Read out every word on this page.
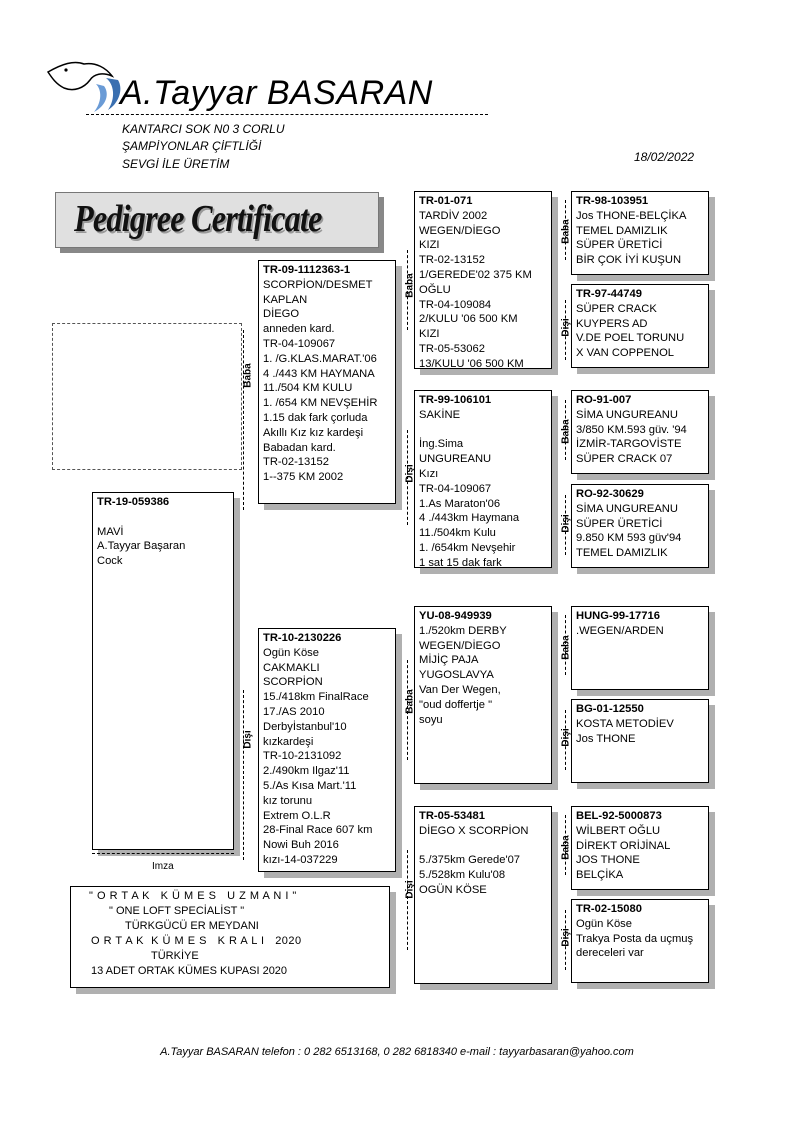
A.Tayyar BASARAN
KANTARCI SOK N0 3 CORLU
ŞAMPİYONLAR ÇİFTLİĞİ
SEVGİ İLE ÜRETİM	18/02/2022
Pedigree Certificate
TR-19-059386
MAVİ
A.Tayyar Başaran
Cock
TR-09-1112363-1
SCORPİON/DESMET
KAPLAN
DİEGO
anneden kard.
TR-04-109067
1. /G.KLAS.MARAT.'06
4 ./443 KM HAYMANA
11./504 KM KULU
1. /654 KM NEVŞEHİR
1.15 dak fark çorluda
Akıllı Kız kız kardeşi
Babadan kard.
TR-02-13152
1--375 KM 2002
TR-10-2130226
Ogün Köse
CAKMAKLI
SCORPİON
15./418km FinalRace
17./AS 2010
Derbyİstanbul'10
kızkardeşi
TR-10-2131092
2./490km Ilgaz'11
5./As Kısa Mart.'11
kız torunu
Extrem O.L.R
28-Final Race 607 km
Nowi Buh 2016
kızı-14-037229
TR-01-071
TARDİV 2002
WEGEN/DİEGO
KIZI
TR-02-13152
1/GEREDE'02 375 KM
OĞLU
TR-04-109084
2/KULU '06 500 KM
KIZI
TR-05-53062
13/KULU '06 500 KM
TR-99-106101
SAKİNE
İng.Sima
UNGUREANU
Kızı
TR-04-109067
1.As Maraton'06
4 ./443km Haymana
11./504km Kulu
1. /654km Nevşehir
1 sat 15 dak fark
YU-08-949939
1./520km DERBY
WEGEN/DİEGO
MİJİÇ PAJA
YUGOSLAVYA
Van Der Wegen,
"oud doffertje "
soyu
TR-05-53481
DİEGO X SCORPİON
5./375km Gerede'07
5./528km Kulu'08
OGÜN KÖSE
TR-98-103951
Jos THONE-BELÇİKA
TEMEL DAMIZLIK
SÜPER ÜRETİCİ
BİR ÇOK İYİ KUŞUN
TR-97-44749
SÜPER CRACK
KUYPERS AD
V.DE POEL TORUNU
X VAN COPPENOL
RO-91-007
SİMA UNGUREANU
3/850 KM.593 güv. '94
İZMİR-TARGOVİSTE
SÜPER CRACK 07
RO-92-30629
SİMA UNGUREANU
SÜPER ÜRETİCİ
9.850 KM 593 güv'94
TEMEL DAMIZLIK
HUNG-99-17716
.WEGEN/ARDEN
BG-01-12550
KOSTA METODİEV
Jos THONE
BEL-92-5000873
WİLBERT OĞLU
DİREKT ORİJİNAL
JOS THONE
BELÇİKA
TR-02-15080
Ogün Köse
Trakya Posta da uçmuş
dereceleri var
Baba
Dişi
Baba
Dişi
Baba
Dişi
Baba
Dişi
Baba
Dişi
Baba
Dişi
Baba
Dişi
Imza
" O R T A K   K Ü M E S   U Z M A N I "
" ONE LOFT SPECİALİST "
TÜRKGÜCÜ ER MEYDANI
O R T A K  K Ü M E S   K R A L I   2020
TÜRKİYE
13 ADET ORTAK KÜMES KUPASI 2020
A.Tayyar BASARAN telefon : 0 282 6513168, 0 282 6818340 e-mail : tayyarbasaran@yahoo.com
